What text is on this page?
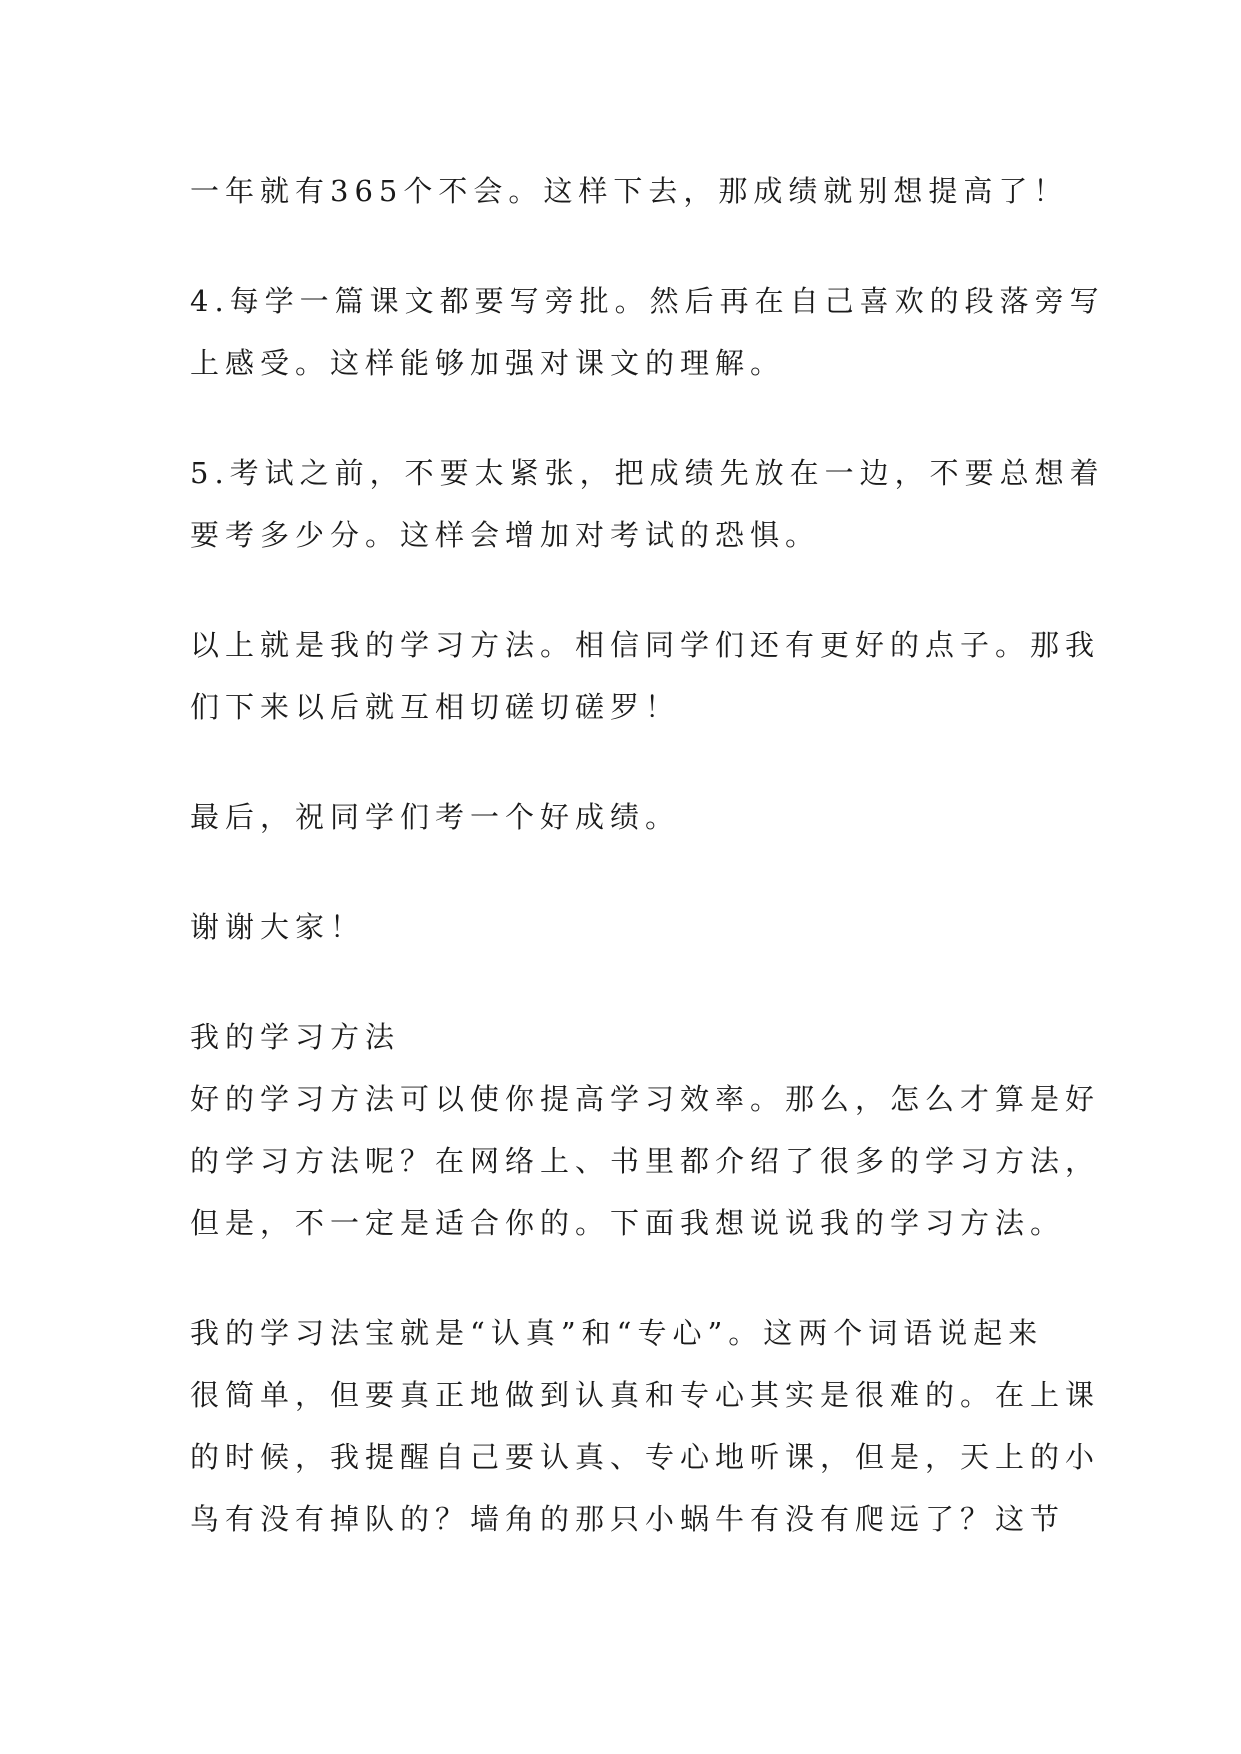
一年就有365个不会。这样下去，那成绩就别想提高了！
4.每学一篇课文都要写旁批。然后再在自己喜欢的段落旁写
上感受。这样能够加强对课文的理解。
5.考试之前，不要太紧张，把成绩先放在一边，不要总想着
要考多少分。这样会增加对考试的恐惧。
以上就是我的学习方法。相信同学们还有更好的点子。那我
们下来以后就互相切磋切磋罗！
最后，祝同学们考一个好成绩。
谢谢大家！
我的学习方法
好的学习方法可以使你提高学习效率。那么，怎么才算是好
的学习方法呢？在网络上、书里都介绍了很多的学习方法，
但是，不一定是适合你的。下面我想说说我的学习方法。
我的学习法宝就是“认真”和“专心”。这两个词语说起来
很简单，但要真正地做到认真和专心其实是很难的。在上课
的时候，我提醒自己要认真、专心地听课，但是，天上的小
鸟有没有掉队的？墙角的那只小蜗牛有没有爬远了？这节
